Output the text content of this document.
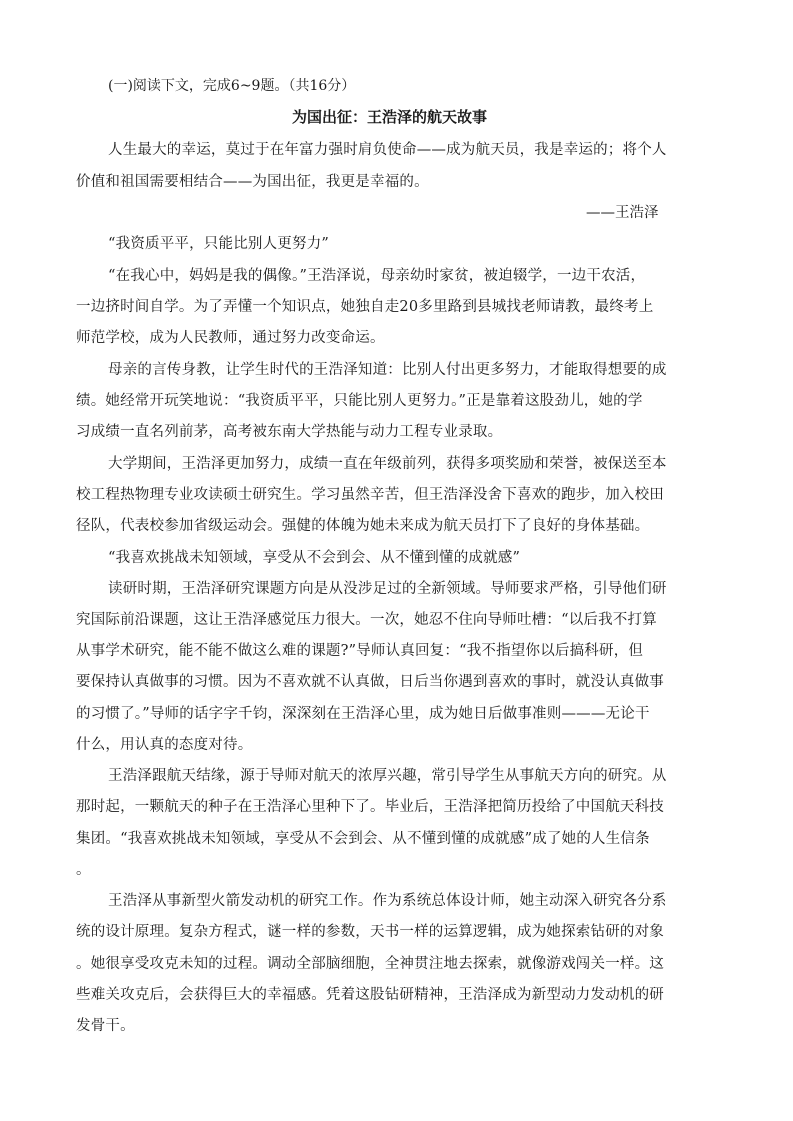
(一)阅读下文，完成6~9题。（共16分）
为国出征：王浩泽的航天故事
人生最大的幸运，莫过于在年富力强时肩负使命——成为航天员，我是幸运的；将个人
价值和祖国需要相结合——为国出征，我更是幸福的。
——王浩泽
“我资质平平，只能比别人更努力”
“在我心中，妈妈是我的偶像。”王浩泽说，母亲幼时家贫，被迫辍学，一边干农活，
一边挤时间自学。为了弄懂一个知识点，她独自走20多里路到县城找老师请教，最终考上
师范学校，成为人民教师，通过努力改变命运。
母亲的言传身教，让学生时代的王浩泽知道：比别人付出更多努力，才能取得想要的成
绩。她经常开玩笑地说：“我资质平平，只能比别人更努力。”正是靠着这股劲儿，她的学
习成绩一直名列前茅，高考被东南大学热能与动力工程专业录取。
大学期间，王浩泽更加努力，成绩一直在年级前列，获得多项奖励和荣誉，被保送至本
校工程热物理专业攻读硕士研究生。学习虽然辛苦，但王浩泽没舍下喜欢的跑步，加入校田
径队，代表校参加省级运动会。强健的体魄为她未来成为航天员打下了良好的身体基础。
“我喜欢挑战未知领域，享受从不会到会、从不懂到懂的成就感”
读研时期，王浩泽研究课题方向是从没涉足过的全新领域。导师要求严格，引导他们研
究国际前沿课题，这让王浩泽感觉压力很大。一次，她忍不住向导师吐槽：“以后我不打算
从事学术研究，能不能不做这么难的课题?”导师认真回复：“我不指望你以后搞科研，但
要保持认真做事的习惯。因为不喜欢就不认真做，日后当你遇到喜欢的事时，就没认真做事
的习惯了。”导师的话字字千钧，深深刻在王浩泽心里，成为她日后做事准则———无论干
什么，用认真的态度对待。
王浩泽跟航天结缘，源于导师对航天的浓厚兴趣，常引导学生从事航天方向的研究。从
那时起，一颗航天的种子在王浩泽心里种下了。毕业后，王浩泽把简历投给了中国航天科技
集团。“我喜欢挑战未知领域，享受从不会到会、从不懂到懂的成就感”成了她的人生信条
。
王浩泽从事新型火箭发动机的研究工作。作为系统总体设计师，她主动深入研究各分系
统的设计原理。复杂方程式，谜一样的参数，天书一样的运算逻辑，成为她探索钻研的对象
。她很享受攻克未知的过程。调动全部脑细胞，全神贯注地去探索，就像游戏闯关一样。这
些难关攻克后，会获得巨大的幸福感。凭着这股钻研精神，王浩泽成为新型动力发动机的研
发骨干。
